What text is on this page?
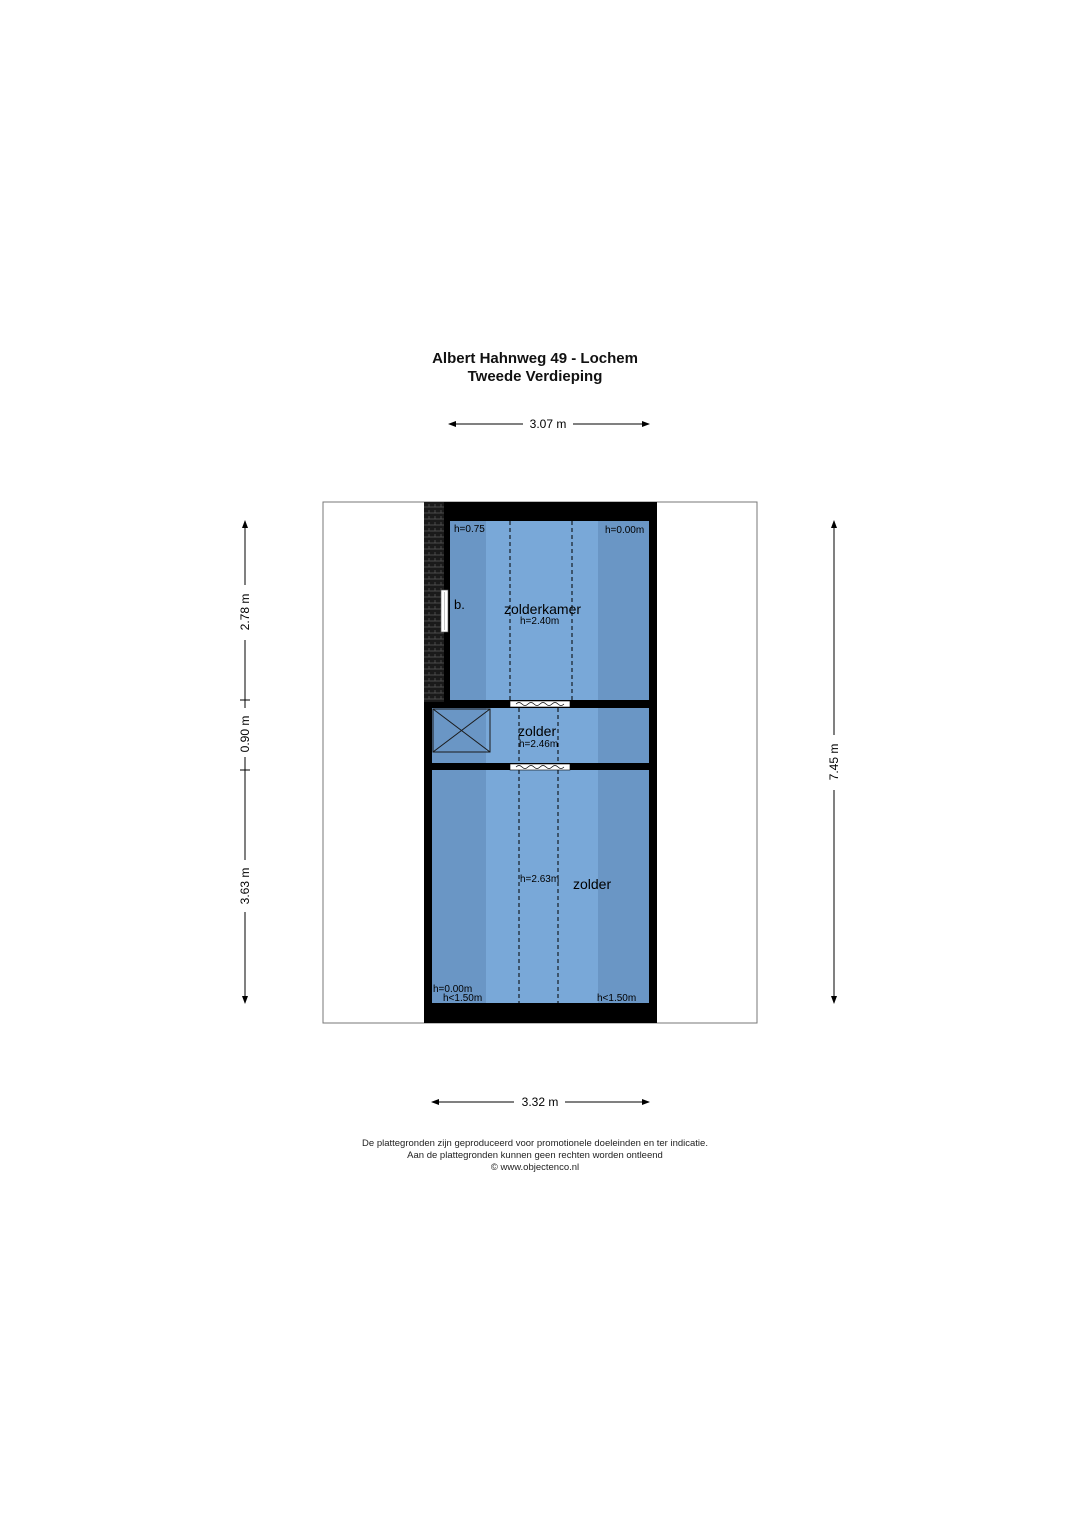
Albert Hahnweg 49 - Lochem
Tweede Verdieping
h=0.75	h=0.00m
b.	zolderkamer
h=2.40m
zolder
h=2.46m
h=2.63m zolder
h=0.00m
h<1.50m	h<1.50m
3.07 m
3.32 m
2.78 m
0.90 m
3.63 m
7.45 m
De plattegronden zijn geproduceerd voor promotionele doeleinden en ter indicatie.
Aan de plattegronden kunnen geen rechten worden ontleend
© www.objectenco.nl
